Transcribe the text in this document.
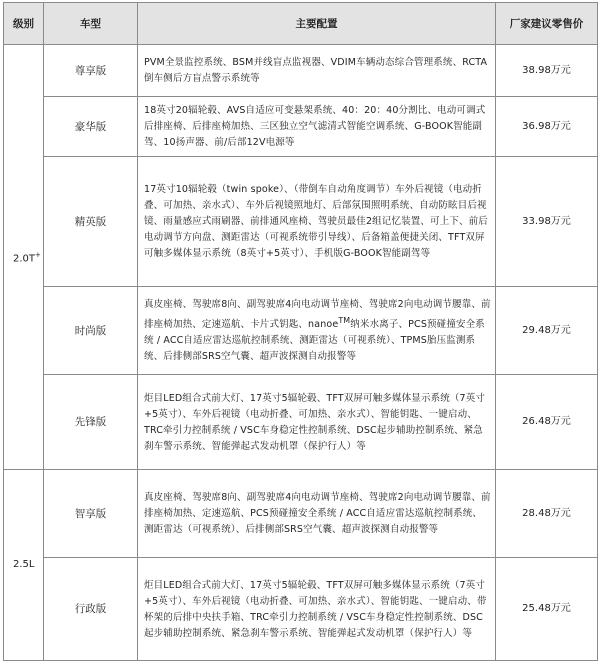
级别	车型	主要配置	厂家建议零售价
2.0T+	尊享版	PVM全景监控系统、BSM并线盲点监视器、VDIM车辆动态综合管理系统、RCTA倒车侧后方盲点警示系统等	38.98万元
	豪华版	18英寸20辐轮毂、AVS自适应可变悬架系统、40：20：40分割比、电动可调式后排座椅、后排座椅加热、三区独立空气滤清式智能空调系统、G-BOOK智能副驾、10扬声器、前/后部12V电源等	36.98万元
	精英版	17英寸10辐轮毂（twin spoke）、（带倒车自动角度调节）车外后视镜（电动折叠、可加热、亲水式）、车外后视镜照地灯、后部氛围照明系统、自动防眩目后视镜、雨量感应式雨刷器、前排通风座椅、驾驶员最佳2组记忆装置、可上下、前后电动调节方向盘、测距雷达（可视系统带引导线）、后备箱盖便捷关闭、TFT双屏可触多媒体显示系统（8英寸+5英寸）、手机版G-BOOK智能副驾等	33.98万元
	时尚版	真皮座椅、驾驶席8向、副驾驶席4向电动调节座椅、驾驶席2向电动调节腰靠、前排座椅加热、定速巡航、卡片式钥匙、nanoe™纳米水离子、PCS预碰撞安全系统 / ACC自适应雷达巡航控制系统、测距雷达（可视系统）、TPMS胎压监测系统、后排侧部SRS空气囊、超声波探测自动报警等	29.48万元
	先锋版	炬目LED组合式前大灯、17英寸5辐轮毂、TFT双屏可触多媒体显示系统（7英寸+5英寸）、车外后视镜（电动折叠、可加热、亲水式）、智能钥匙、一键启动、TRC牵引力控制系统 / VSC车身稳定性控制系统、DSC起步辅助控制系统、紧急刹车警示系统、智能弹起式发动机罩（保护行人）等	26.48万元
2.5L	智享版	真皮座椅、驾驶席8向、副驾驶席4向电动调节座椅、驾驶席2向电动调节腰靠、前排座椅加热、定速巡航、PCS预碰撞安全系统 / ACC自适应雷达巡航控制系统、测距雷达（可视系统）、后排侧部SRS空气囊、超声波探测自动报警等	28.48万元
	行政版	炬目LED组合式前大灯、17英寸5辐轮毂、TFT双屏可触多媒体显示系统（7英寸+5英寸）、车外后视镜（电动折叠、可加热、亲水式）、智能钥匙、一键启动、带杯架的后排中央扶手箱、TRC牵引力控制系统 / VSC车身稳定性控制系统、DSC起步辅助控制系统、紧急刹车警示系统、智能弹起式发动机罩（保护行人）等	25.48万元
